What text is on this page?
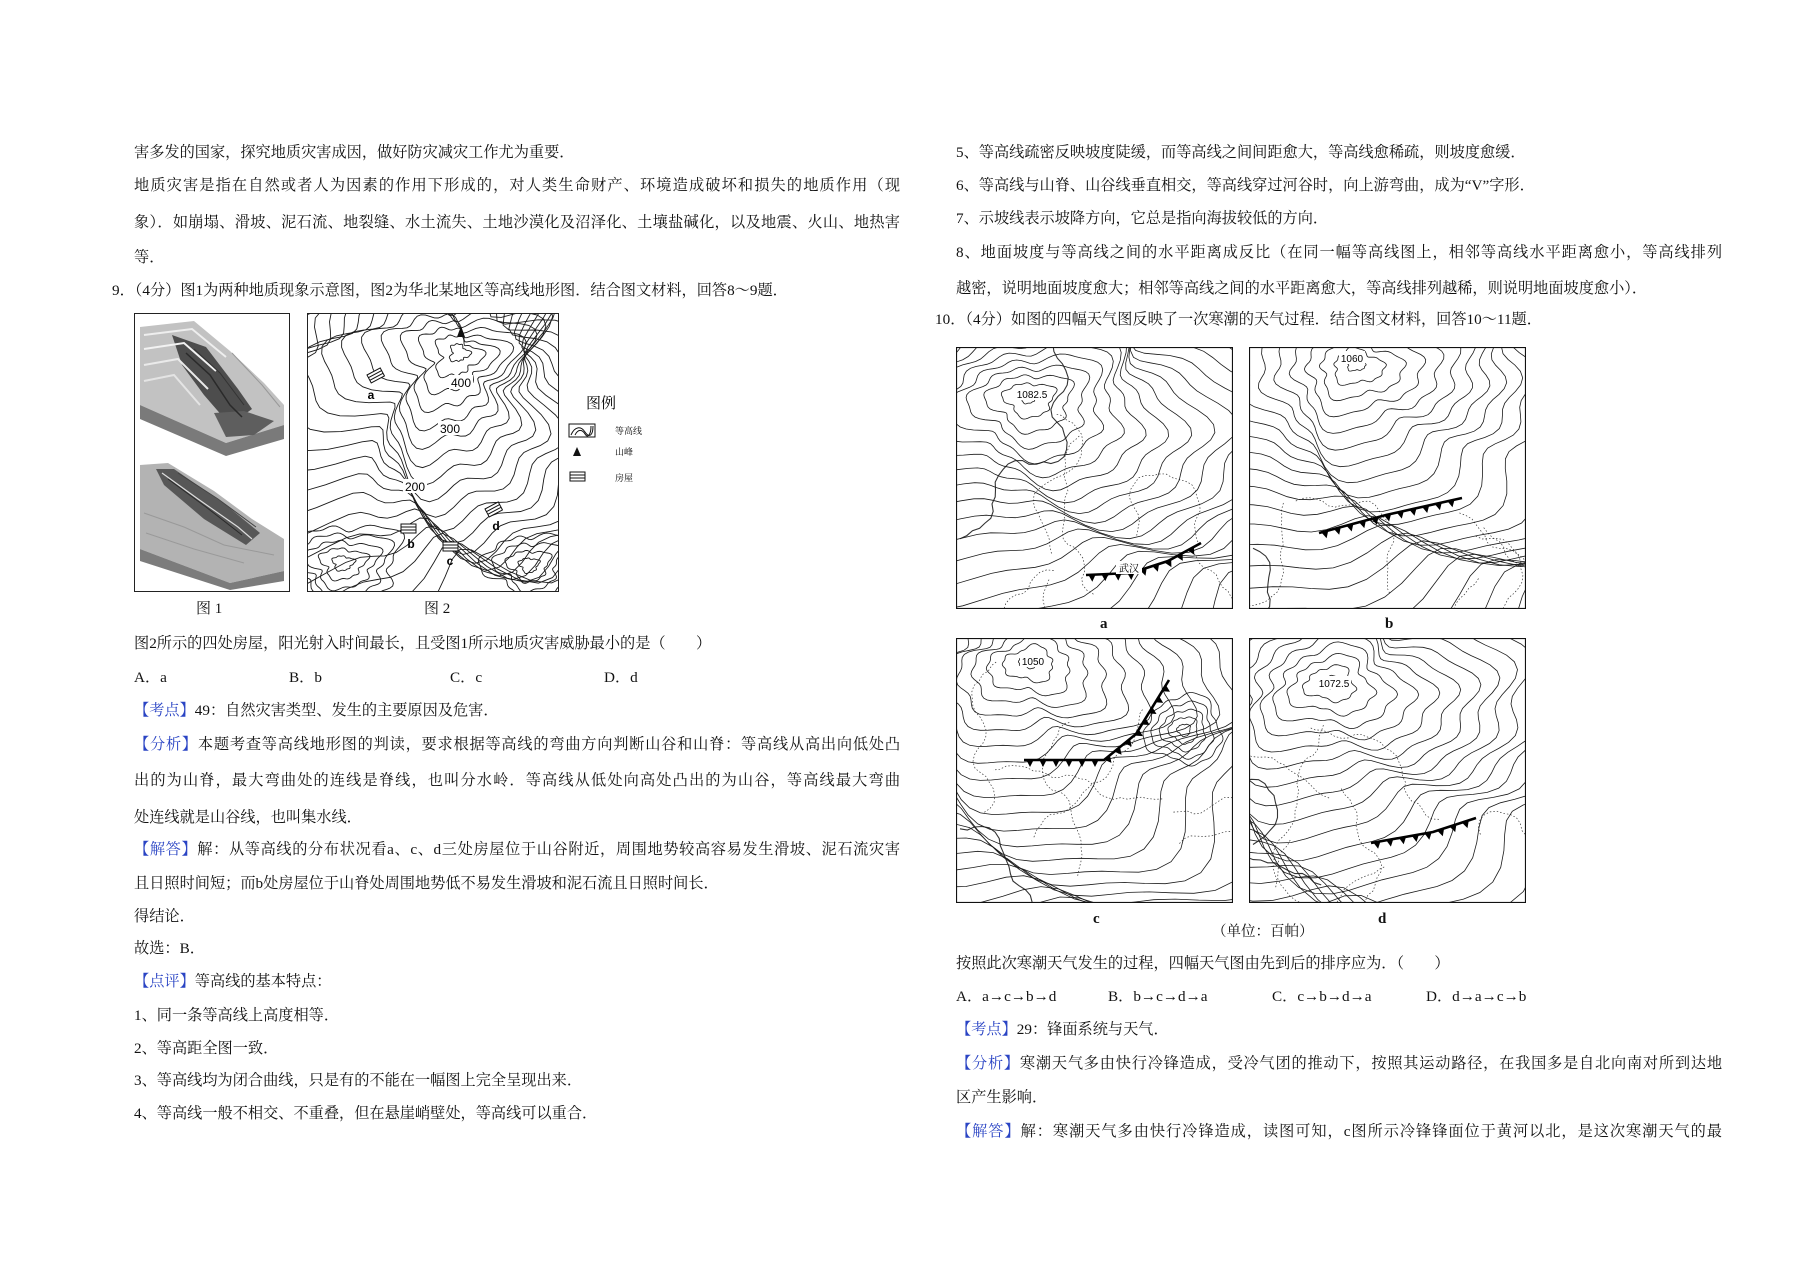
害多发的国家，探究地质灾害成因，做好防灾减灾工作尤为重要．
地质灾害是指在自然或者人为因素的作用下形成的，对人类生命财产、环境造成破坏和损失的地质作用（现
象）．如崩塌、滑坡、泥石流、地裂缝、水土流失、土地沙漠化及沼泽化、土壤盐碱化，以及地震、火山、地热害
等．
9．（4分）图1为两种地质现象示意图，图2为华北某地区等高线地形图．结合图文材料，回答8～9题．
图 1
400
300
200
a
b
c
d
图 2
图例
等高线
山峰
房屋
图2所示的四处房屋，阳光射入时间最长，且受图1所示地质灾害威胁最小的是（　　）
A．a	B．b	C．c	D．d
【考点】49：自然灾害类型、发生的主要原因及危害．
【分析】本题考查等高线地形图的判读，要求根据等高线的弯曲方向判断山谷和山脊：等高线从高出向低处凸
出的为山脊，最大弯曲处的连线是脊线，也叫分水岭．等高线从低处向高处凸出的为山谷，等高线最大弯曲
处连线就是山谷线，也叫集水线．
【解答】解：从等高线的分布状况看a、c、d三处房屋位于山谷附近，周围地势较高容易发生滑坡、泥石流灾害
且日照时间短；而b处房屋位于山脊处周围地势低不易发生滑坡和泥石流且日照时间长．
得结论．
故选：B．
【点评】等高线的基本特点：
1、同一条等高线上高度相等．
2、等高距全图一致．
3、等高线均为闭合曲线，只是有的不能在一幅图上完全呈现出来．
4、等高线一般不相交、不重叠，但在悬崖峭壁处，等高线可以重合．
5、等高线疏密反映坡度陡缓，而等高线之间间距愈大，等高线愈稀疏，则坡度愈缓．
6、等高线与山脊、山谷线垂直相交，等高线穿过河谷时，向上游弯曲，成为“V”字形．
7、示坡线表示坡降方向，它总是指向海拔较低的方向．
8、地面坡度与等高线之间的水平距离成反比（在同一幅等高线图上，相邻等高线水平距离愈小，等高线排列
越密，说明地面坡度愈大；相邻等高线之间的水平距离愈大，等高线排列越稀，则说明地面坡度愈小）．
10．（4分）如图的四幅天气图反映了一次寒潮的天气过程．结合图文材料，回答10～11题．
1082.5
武汉
a
1060
b
1050
c
1072.5
d
（单位：百帕）
按照此次寒潮天气发生的过程，四幅天气图由先到后的排序应为．（　　）
A．a→c→b→d	B．b→c→d→a	C．c→b→d→a	D．d→a→c→b
【考点】29：锋面系统与天气．
【分析】寒潮天气多由快行冷锋造成，受冷气团的推动下，按照其运动路径，在我国多是自北向南对所到达地
区产生影响．
【解答】解：寒潮天气多由快行冷锋造成，读图可知，c图所示冷锋锋面位于黄河以北，是这次寒潮天气的最
